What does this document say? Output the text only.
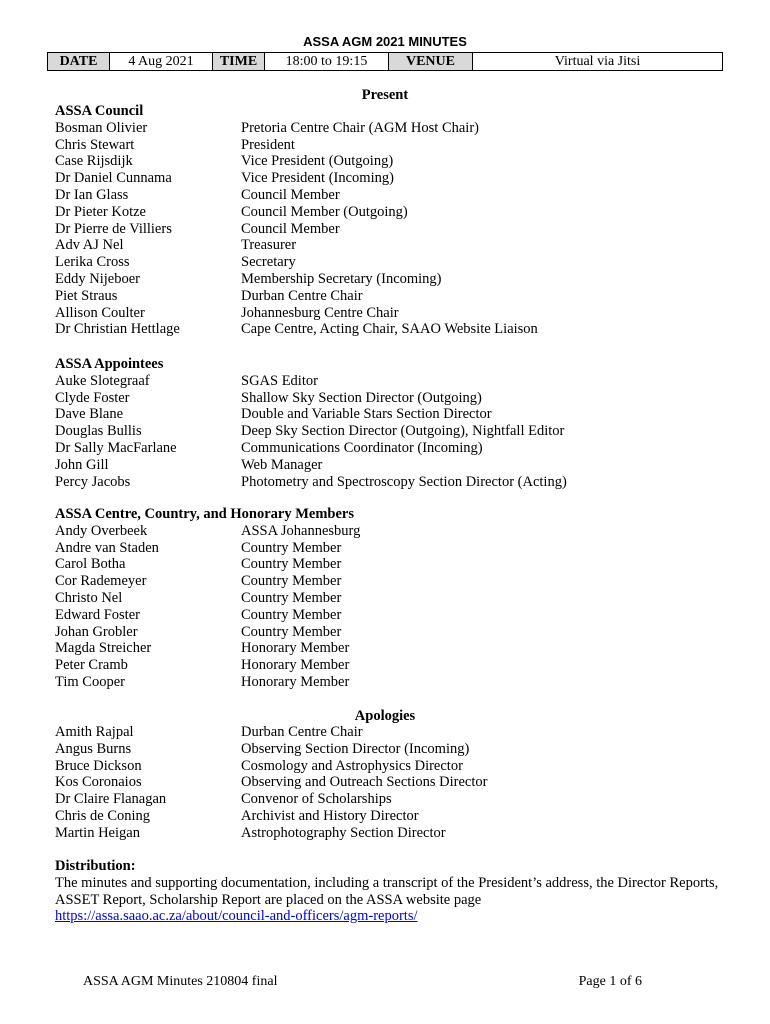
ASSA AGM 2021 MINUTES
DATE	4 Aug 2021	TIME	18:00 to 19:15	VENUE	Virtual via Jitsi
Present
ASSA Council
Bosman Olivier	Pretoria Centre Chair (AGM Host Chair)
Chris Stewart	President
Case Rijsdijk	Vice President (Outgoing)
Dr Daniel Cunnama	Vice President (Incoming)
Dr Ian Glass	Council Member
Dr Pieter Kotze	Council Member (Outgoing)
Dr Pierre de Villiers	Council Member
Adv AJ Nel	Treasurer
Lerika Cross	Secretary
Eddy Nijeboer	Membership Secretary (Incoming)
Piet Straus	Durban Centre Chair
Allison Coulter	Johannesburg Centre Chair
Dr Christian Hettlage	Cape Centre, Acting Chair, SAAO Website Liaison
ASSA Appointees
Auke Slotegraaf	SGAS Editor
Clyde Foster	Shallow Sky Section Director (Outgoing)
Dave Blane	Double and Variable Stars Section Director
Douglas Bullis	Deep Sky Section Director (Outgoing), Nightfall Editor
Dr Sally MacFarlane	Communications Coordinator (Incoming)
John Gill	Web Manager
Percy Jacobs	Photometry and Spectroscopy Section Director (Acting)
ASSA Centre, Country, and Honorary Members
Andy Overbeek	ASSA Johannesburg
Andre van Staden	Country Member
Carol Botha	Country Member
Cor Rademeyer	Country Member
Christo Nel	Country Member
Edward Foster	Country Member
Johan Grobler	Country Member
Magda Streicher	Honorary Member
Peter Cramb	Honorary Member
Tim Cooper	Honorary Member
Apologies
Amith Rajpal	Durban Centre Chair
Angus Burns	Observing Section Director (Incoming)
Bruce Dickson	Cosmology and Astrophysics Director
Kos Coronaios	Observing and Outreach Sections Director
Dr Claire Flanagan	Convenor of Scholarships
Chris de Coning	Archivist and History Director
Martin Heigan	Astrophotography Section Director
Distribution:
The minutes and supporting documentation, including a transcript of the President’s address, the Director Reports, ASSET Report, Scholarship Report are placed on the ASSA website page
https://assa.saao.ac.za/about/council-and-officers/agm-reports/
ASSA AGM Minutes 210804 final	Page 1 of 6
